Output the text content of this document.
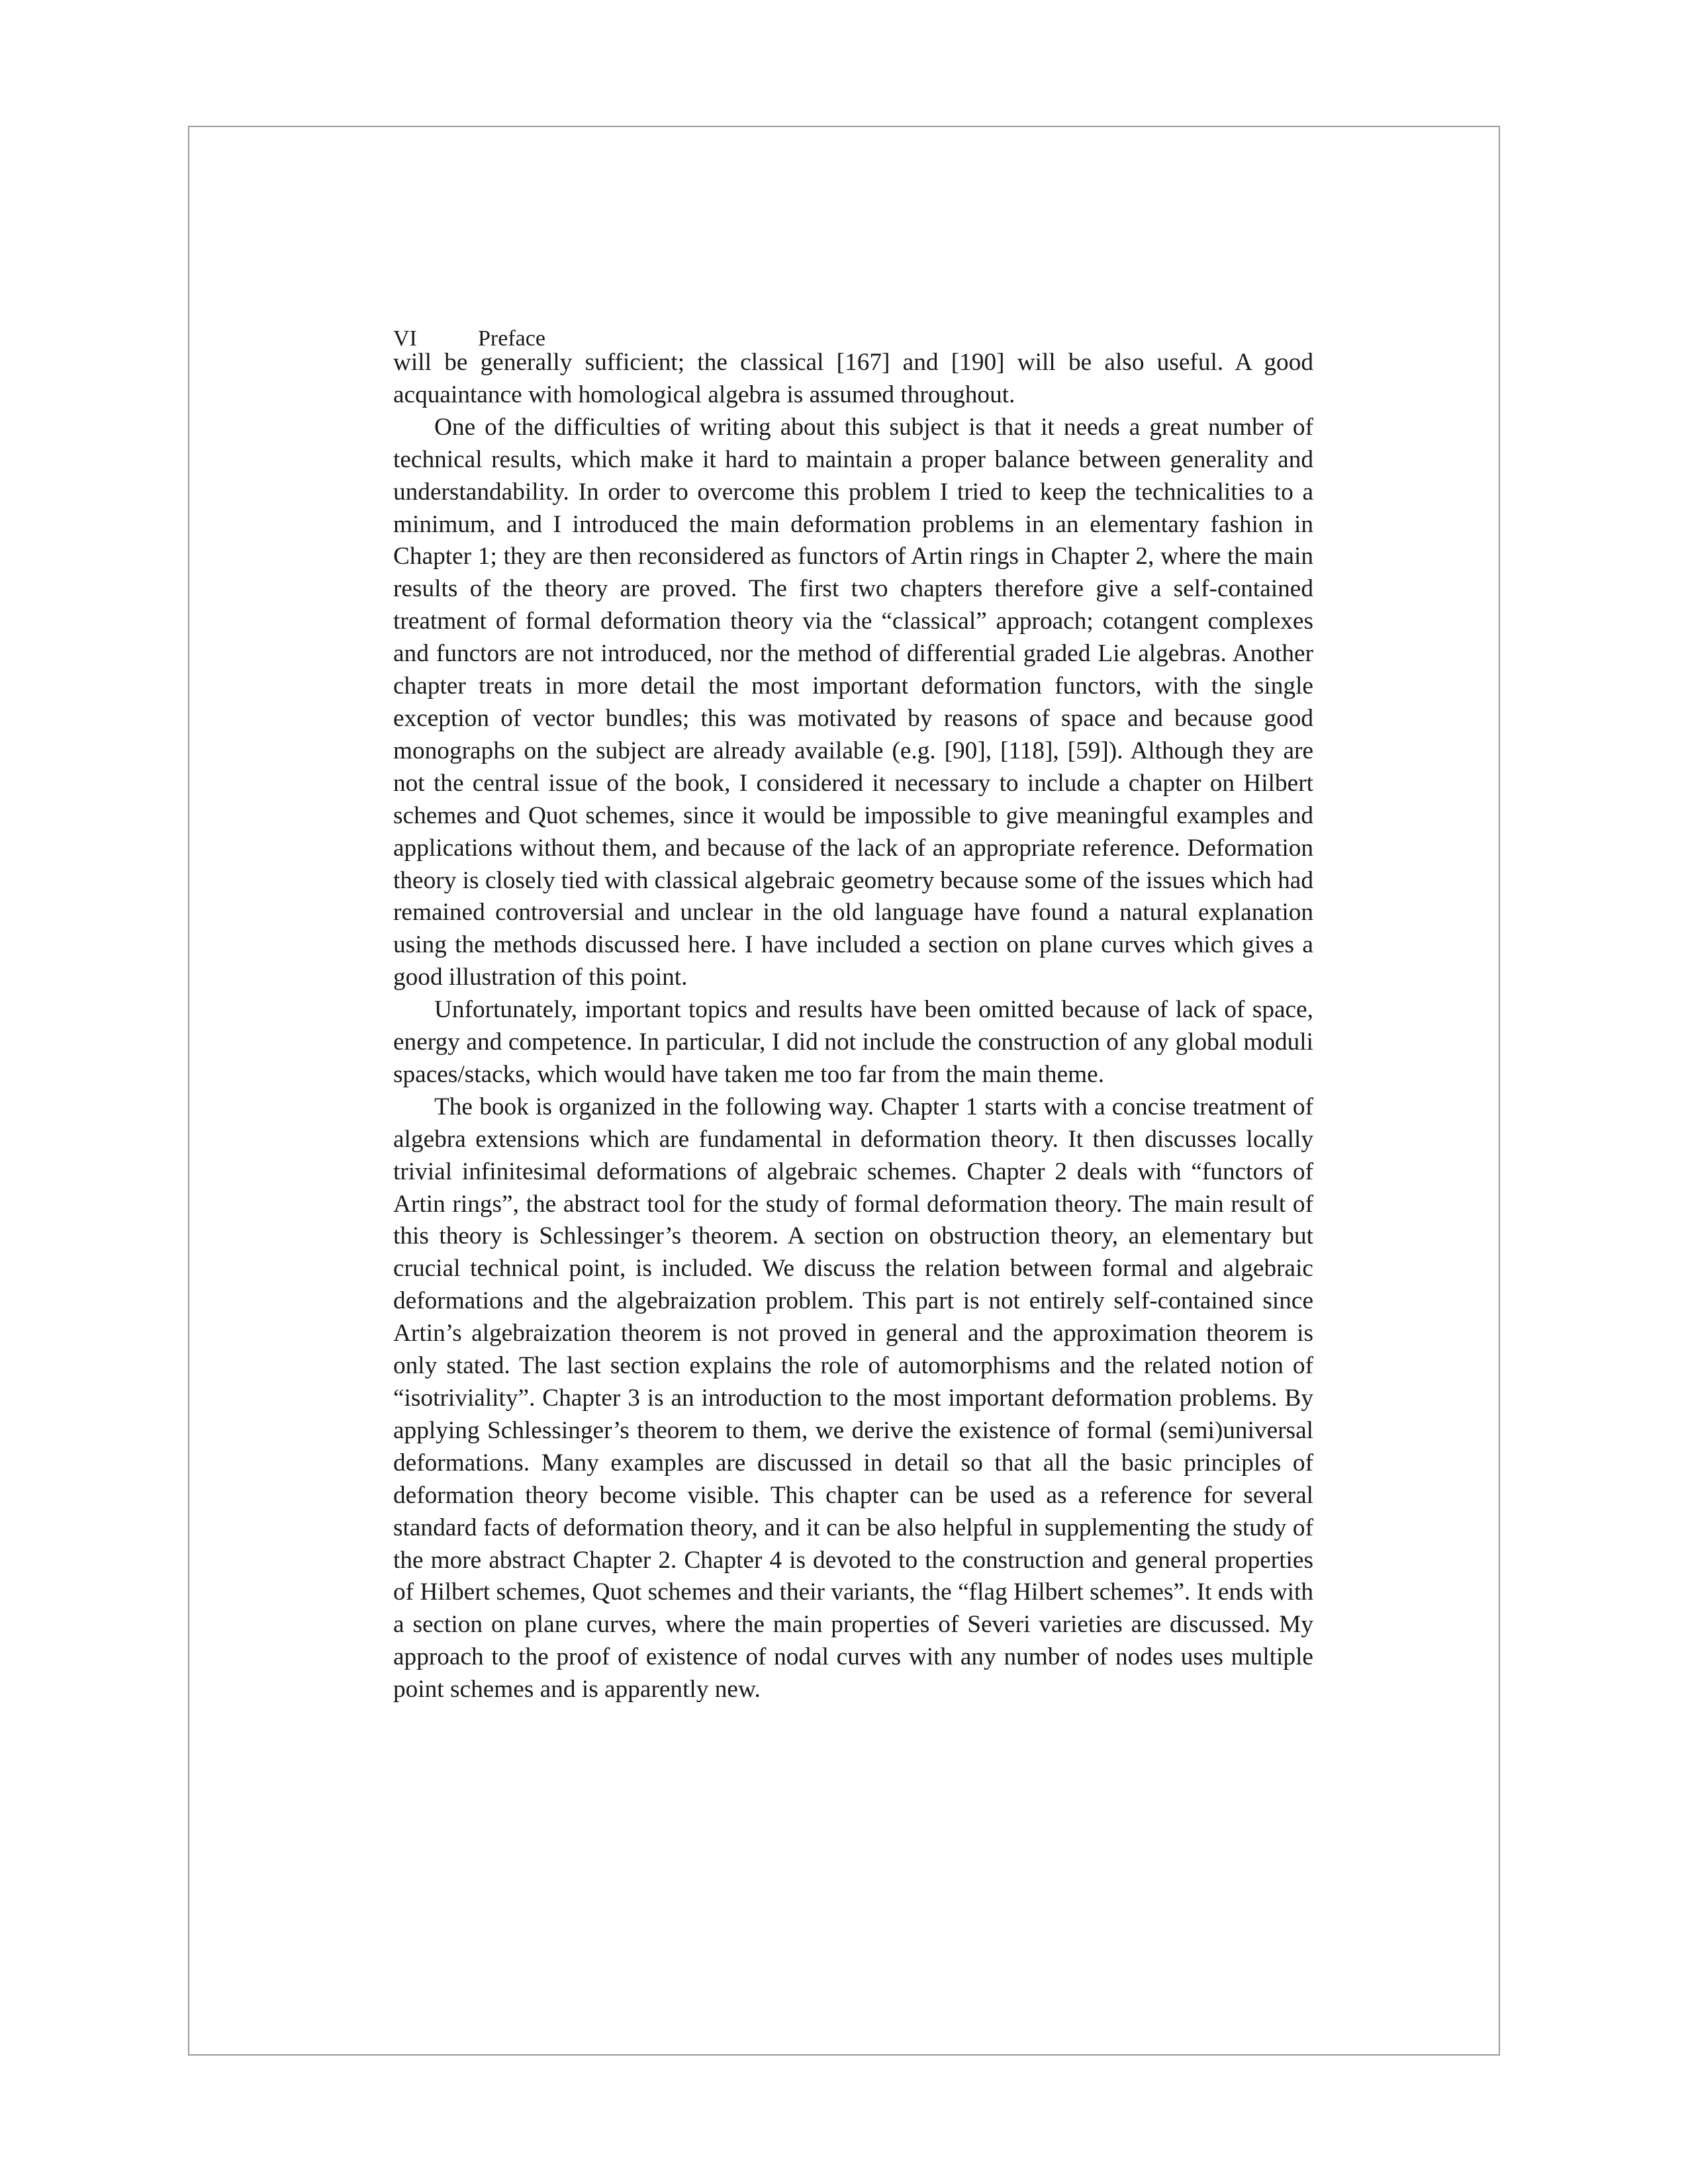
VI	Preface

will be generally sufficient; the classical [167] and [190] will be also useful. A good acquaintance with homological algebra is assumed throughout.

One of the difficulties of writing about this subject is that it needs a great number of technical results, which make it hard to maintain a proper balance between generality and understandability. In order to overcome this problem I tried to keep the technicalities to a minimum, and I introduced the main deformation problems in an elementary fashion in Chapter 1; they are then reconsidered as functors of Artin rings in Chapter 2, where the main results of the theory are proved. The first two chapters therefore give a self-contained treatment of formal deformation theory via the “classical” approach; cotangent complexes and functors are not introduced, nor the method of differential graded Lie algebras. Another chapter treats in more detail the most important deformation functors, with the single exception of vector bundles; this was motivated by reasons of space and because good monographs on the subject are already available (e.g. [90], [118], [59]). Although they are not the central issue of the book, I considered it necessary to include a chapter on Hilbert schemes and Quot schemes, since it would be impossible to give meaningful examples and applications without them, and because of the lack of an appropriate reference. Deformation theory is closely tied with classical algebraic geometry because some of the issues which had remained controversial and unclear in the old language have found a natural explanation using the methods discussed here. I have included a section on plane curves which gives a good illustration of this point.

Unfortunately, important topics and results have been omitted because of lack of space, energy and competence. In particular, I did not include the construction of any global moduli spaces/stacks, which would have taken me too far from the main theme.

The book is organized in the following way. Chapter 1 starts with a concise treatment of algebra extensions which are fundamental in deformation theory. It then discusses locally trivial infinitesimal deformations of algebraic schemes. Chapter 2 deals with “functors of Artin rings”, the abstract tool for the study of formal deformation theory. The main result of this theory is Schlessinger’s theorem. A section on obstruction theory, an elementary but crucial technical point, is included. We discuss the relation between formal and algebraic deformations and the algebraization problem. This part is not entirely self-contained since Artin’s algebraization theorem is not proved in general and the approximation theorem is only stated. The last section explains the role of automorphisms and the related notion of “isotriviality”. Chapter 3 is an introduction to the most important deformation problems. By applying Schlessinger’s theorem to them, we derive the existence of formal (semi)universal deformations. Many examples are discussed in detail so that all the basic principles of deformation theory become visible. This chapter can be used as a reference for several standard facts of deformation theory, and it can be also helpful in supplementing the study of the more abstract Chapter 2. Chapter 4 is devoted to the construction and general properties of Hilbert schemes, Quot schemes and their variants, the “flag Hilbert schemes”. It ends with a section on plane curves, where the main properties of Severi varieties are discussed. My approach to the proof of existence of nodal curves with any number of nodes uses multiple point schemes and is apparently new.
